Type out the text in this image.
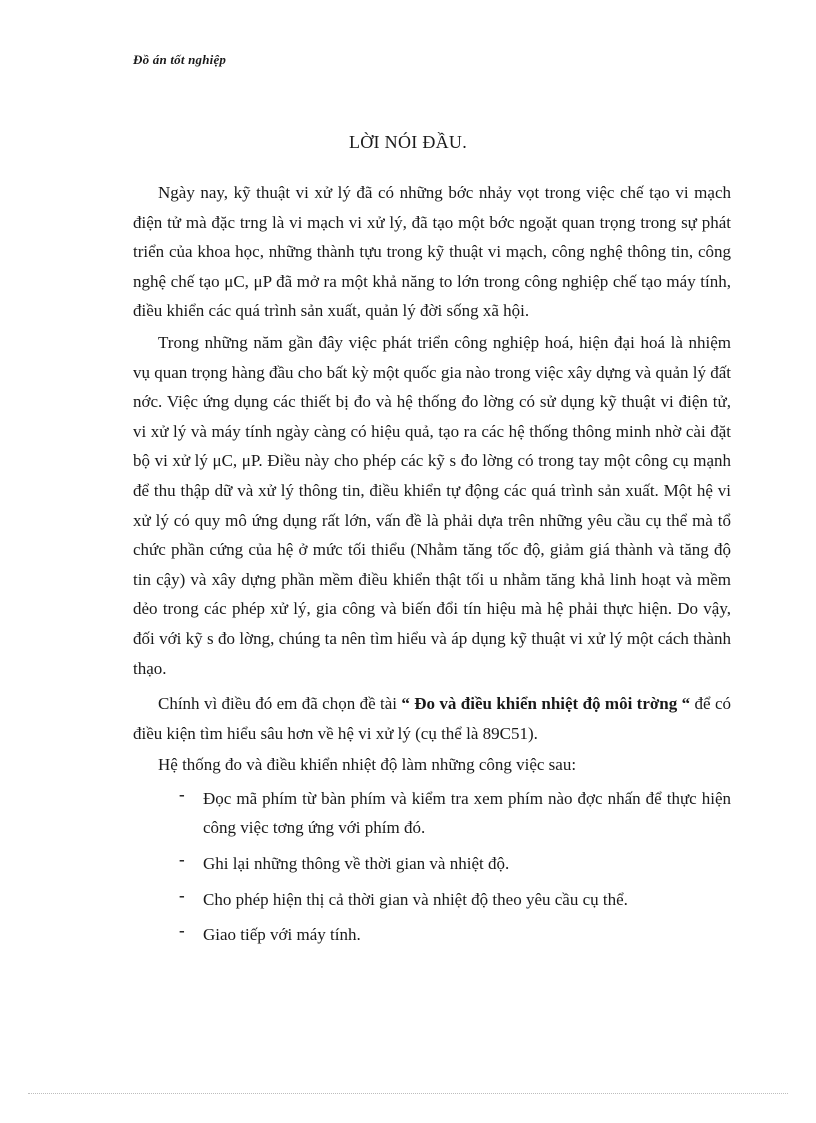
Đồ án tốt nghiệp
LỜI NÓI ĐẦU.

Ngày nay, kỹ thuật vi xử lý đã có những bớc nhảy vọt trong việc chế tạo vi mạch điện tử mà đặc trng là vi mạch vi xử lý, đã tạo một bớc ngoặt quan trọng trong sự phát triển của khoa học, những thành tựu trong kỹ thuật vi mạch, công nghệ thông tin, công nghệ chế tạo μC, μP đã mở ra một khả năng to lớn trong công nghiệp chế tạo máy tính, điều khiển các quá trình sản xuất, quản lý đời sống xã hội.

Trong những năm gần đây việc phát triển công nghiệp hoá, hiện đại hoá là nhiệm vụ quan trọng hàng đầu cho bất kỳ một quốc gia nào trong việc xây dựng và quản lý đất nớc. Việc ứng dụng các thiết bị đo và hệ thống đo lờng có sử dụng kỹ thuật vi điện tử, vi xử lý và máy tính ngày càng có hiệu quả, tạo ra các hệ thống thông minh nhờ cài đặt bộ vi xử lý μC, μP. Điều này cho phép các kỹ s đo lờng có trong tay một công cụ mạnh để thu thập dữ và xử lý thông tin, điều khiển tự động các quá trình sản xuất. Một hệ vi xử lý có quy mô ứng dụng rất lớn, vấn đề là phải dựa trên những yêu cầu cụ thể mà tổ chức phần cứng của hệ ở mức tối thiểu (Nhằm tăng tốc độ, giảm giá thành và tăng độ tin cậy) và xây dựng phần mềm điều khiển thật tối u nhằm tăng khả linh hoạt và mềm dẻo trong các phép xử lý, gia công và biến đổi tín hiệu mà hệ phải thực hiện. Do vậy, đối với kỹ s đo lờng, chúng ta nên tìm hiểu và áp dụng kỹ thuật vi xử lý một cách thành thạo.

Chính vì điều đó em đã chọn đề tài “ Đo và điều khiển nhiệt độ môi trờng “ để có điều kiện tìm hiểu sâu hơn về hệ vi xử lý (cụ thể là 89C51).

Hệ thống đo và điều khiển nhiệt độ làm những công việc sau:

- Đọc mã phím từ bàn phím và kiểm tra xem phím nào đợc nhấn để thực hiện công việc tơng ứng với phím đó.
- Ghi lại những thông về thời gian và nhiệt độ.
- Cho phép hiện thị cả thời gian và nhiệt độ theo yêu cầu cụ thể.
- Giao tiếp với máy tính.
